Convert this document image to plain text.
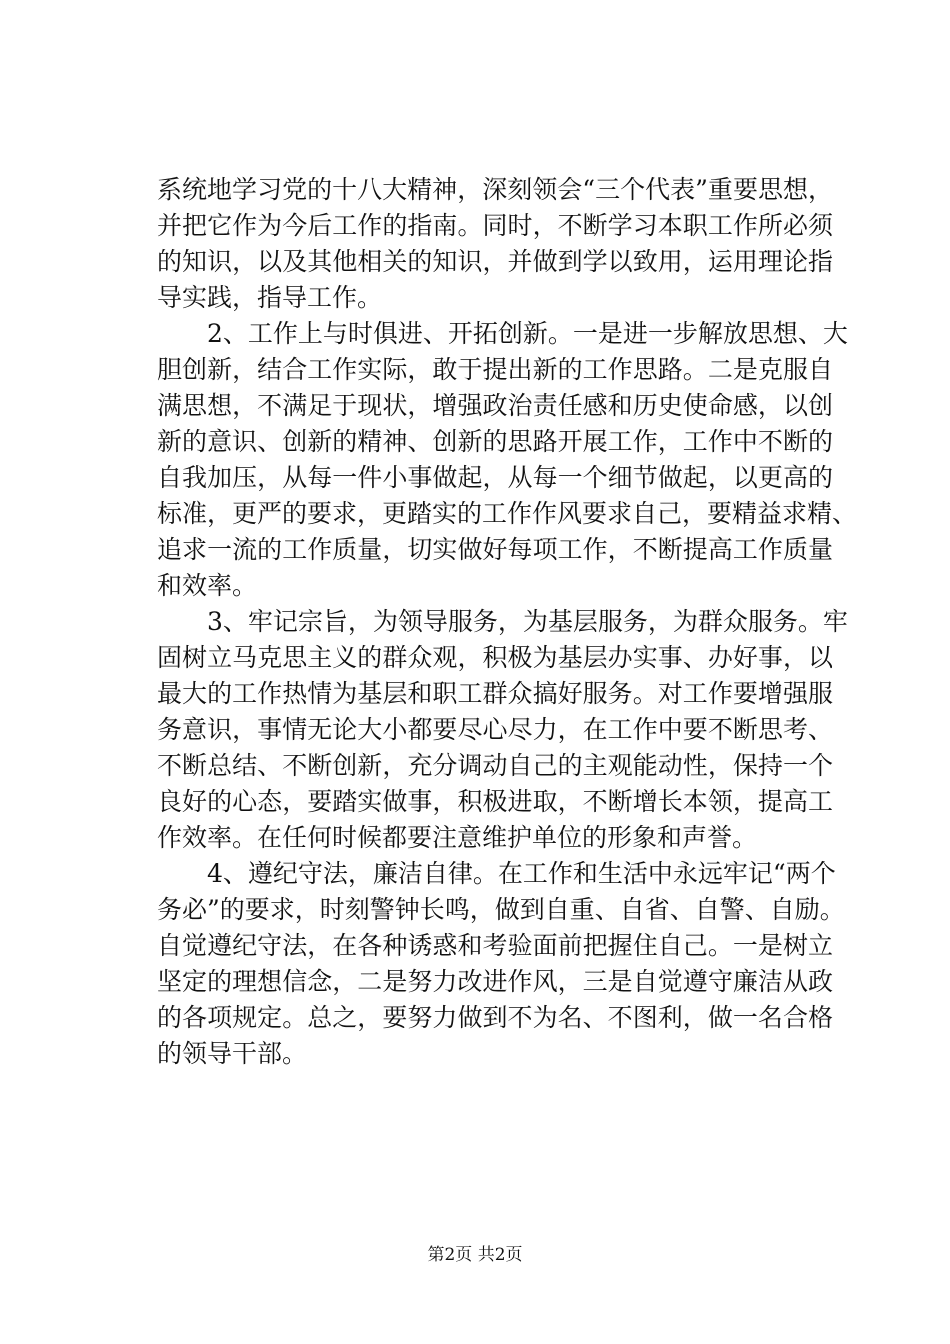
系统地学习党的十八大精神，深刻领会“三个代表”重要思想，
并把它作为今后工作的指南。同时，不断学习本职工作所必须
的知识，以及其他相关的知识，并做到学以致用，运用理论指
导实践，指导工作。
　　2、工作上与时俱进、开拓创新。一是进一步解放思想、大
胆创新，结合工作实际，敢于提出新的工作思路。二是克服自
满思想，不满足于现状，增强政治责任感和历史使命感，以创
新的意识、创新的精神、创新的思路开展工作，工作中不断的
自我加压，从每一件小事做起，从每一个细节做起，以更高的
标准，更严的要求，更踏实的工作作风要求自己，要精益求精、
追求一流的工作质量，切实做好每项工作，不断提高工作质量
和效率。
　　3、牢记宗旨，为领导服务，为基层服务，为群众服务。牢
固树立马克思主义的群众观，积极为基层办实事、办好事，以
最大的工作热情为基层和职工群众搞好服务。对工作要增强服
务意识，事情无论大小都要尽心尽力，在工作中要不断思考、
不断总结、不断创新，充分调动自己的主观能动性，保持一个
良好的心态，要踏实做事，积极进取，不断增长本领，提高工
作效率。在任何时候都要注意维护单位的形象和声誉。
　　4、遵纪守法，廉洁自律。在工作和生活中永远牢记“两个
务必”的要求，时刻警钟长鸣，做到自重、自省、自警、自励。
自觉遵纪守法，在各种诱惑和考验面前把握住自己。一是树立
坚定的理想信念，二是努力改进作风，三是自觉遵守廉洁从政
的各项规定。总之，要努力做到不为名、不图利，做一名合格
的领导干部。
第2页 共2页
